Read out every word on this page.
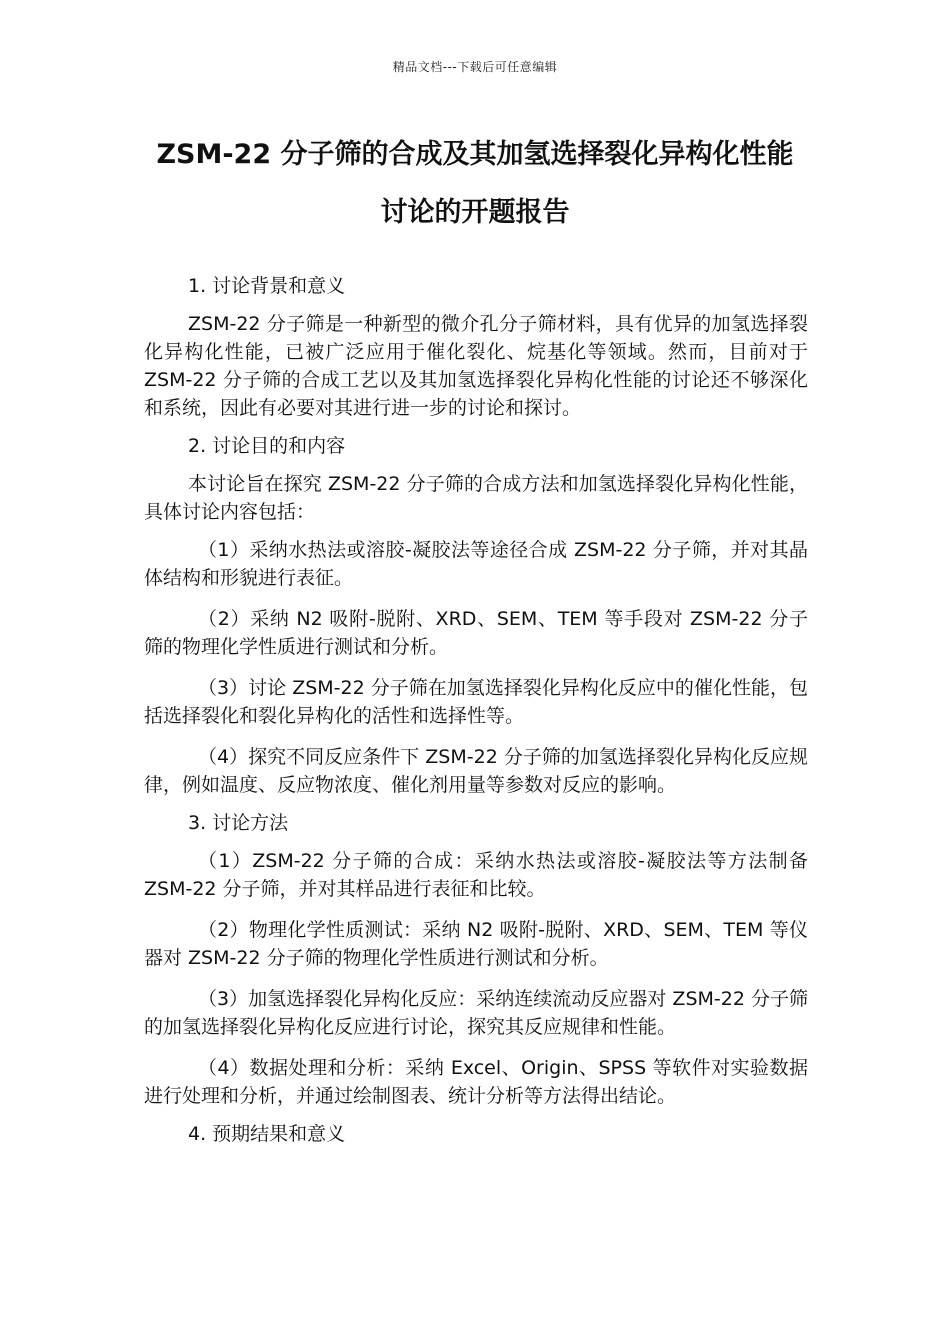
精品文档---下载后可任意编辑
ZSM-22 分子筛的合成及其加氢选择裂化异构化性能
讨论的开题报告

1. 讨论背景和意义

ZSM-22 分子筛是一种新型的微介孔分子筛材料，具有优异的加氢选择裂化异构化性能，已被广泛应用于催化裂化、烷基化等领域。然而，目前对于 ZSM-22 分子筛的合成工艺以及其加氢选择裂化异构化性能的讨论还不够深化和系统，因此有必要对其进行进一步的讨论和探讨。

2. 讨论目的和内容

本讨论旨在探究 ZSM-22 分子筛的合成方法和加氢选择裂化异构化性能，具体讨论内容包括：

（1）采纳水热法或溶胶-凝胶法等途径合成 ZSM-22 分子筛，并对其晶体结构和形貌进行表征。

（2）采纳 N2 吸附-脱附、XRD、SEM、TEM 等手段对 ZSM-22 分子筛的物理化学性质进行测试和分析。

（3）讨论 ZSM-22 分子筛在加氢选择裂化异构化反应中的催化性能，包括选择裂化和裂化异构化的活性和选择性等。

（4）探究不同反应条件下 ZSM-22 分子筛的加氢选择裂化异构化反应规律，例如温度、反应物浓度、催化剂用量等参数对反应的影响。

3. 讨论方法

（1）ZSM-22 分子筛的合成：采纳水热法或溶胶-凝胶法等方法制备 ZSM-22 分子筛，并对其样品进行表征和比较。

（2）物理化学性质测试：采纳 N2 吸附-脱附、XRD、SEM、TEM 等仪器对 ZSM-22 分子筛的物理化学性质进行测试和分析。

（3）加氢选择裂化异构化反应：采纳连续流动反应器对 ZSM-22 分子筛的加氢选择裂化异构化反应进行讨论，探究其反应规律和性能。

（4）数据处理和分析：采纳 Excel、Origin、SPSS 等软件对实验数据进行处理和分析，并通过绘制图表、统计分析等方法得出结论。

4. 预期结果和意义
